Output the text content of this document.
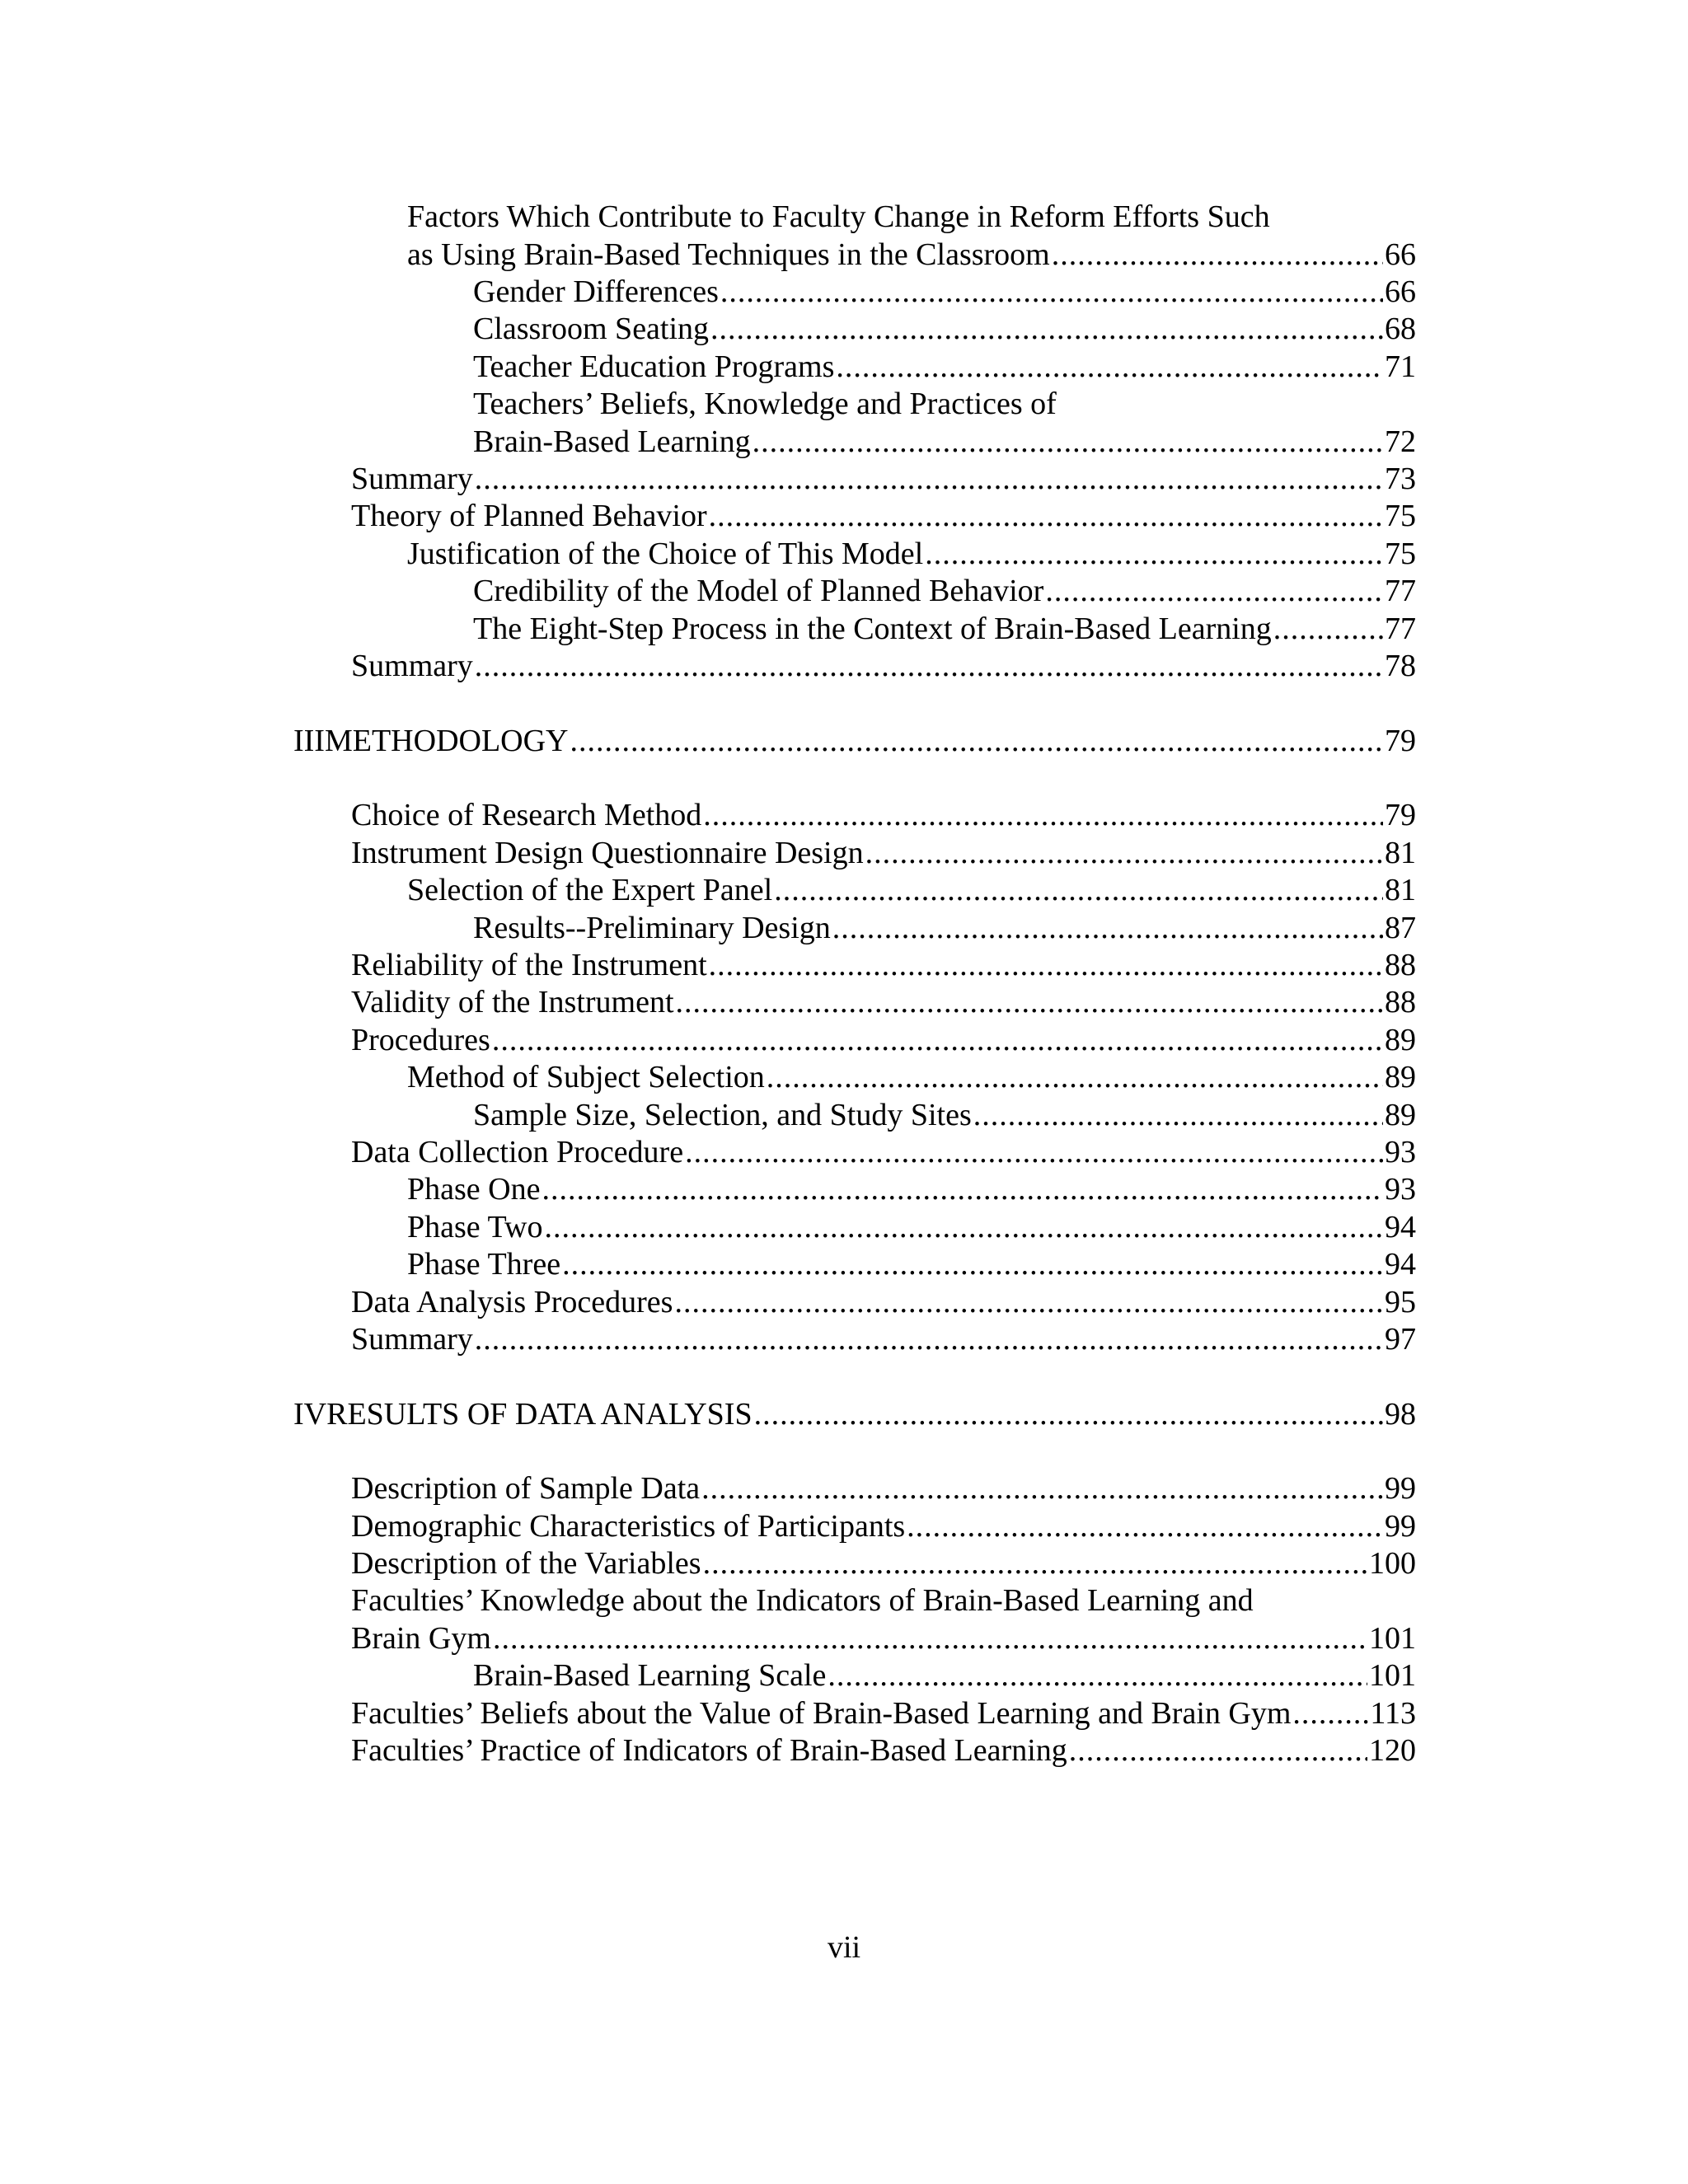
Factors Which Contribute to Faculty Change in Reform Efforts Such
as Using Brain-Based Techniques in the Classroom .....	66
Gender Differences .....	66
Classroom Seating .....	68
Teacher Education Programs .....	71
Teachers’ Beliefs, Knowledge and Practices of
Brain-Based Learning .....	72
Summary .....	73
Theory of Planned Behavior .....	75
Justification of the Choice of This Model .....	75
Credibility of the Model of Planned Behavior .....	77
The Eight-Step Process in the Context of Brain-Based Learning .....	77
Summary .....	78
III METHODOLOGY .....	79
Choice of Research Method .....	79
Instrument Design Questionnaire Design .....	81
Selection of the Expert Panel .....	81
Results--Preliminary Design .....	87
Reliability of the Instrument .....	88
Validity of the Instrument .....	88
Procedures .....	89
Method of Subject Selection .....	89
Sample Size, Selection, and Study Sites .....	89
Data Collection Procedure .....	93
Phase One .....	93
Phase Two .....	94
Phase Three .....	94
Data Analysis Procedures .....	95
Summary .....	97
IV RESULTS OF DATA ANALYSIS .....	98
Description of Sample Data .....	99
Demographic Characteristics of Participants .....	99
Description of the Variables .....	100
Faculties’ Knowledge about the Indicators of Brain-Based Learning and
Brain Gym .....	101
Brain-Based Learning Scale .....	101
Faculties’ Beliefs about the Value of Brain-Based Learning and Brain Gym .....	113
Faculties’ Practice of Indicators of Brain-Based Learning .....	120
vii
